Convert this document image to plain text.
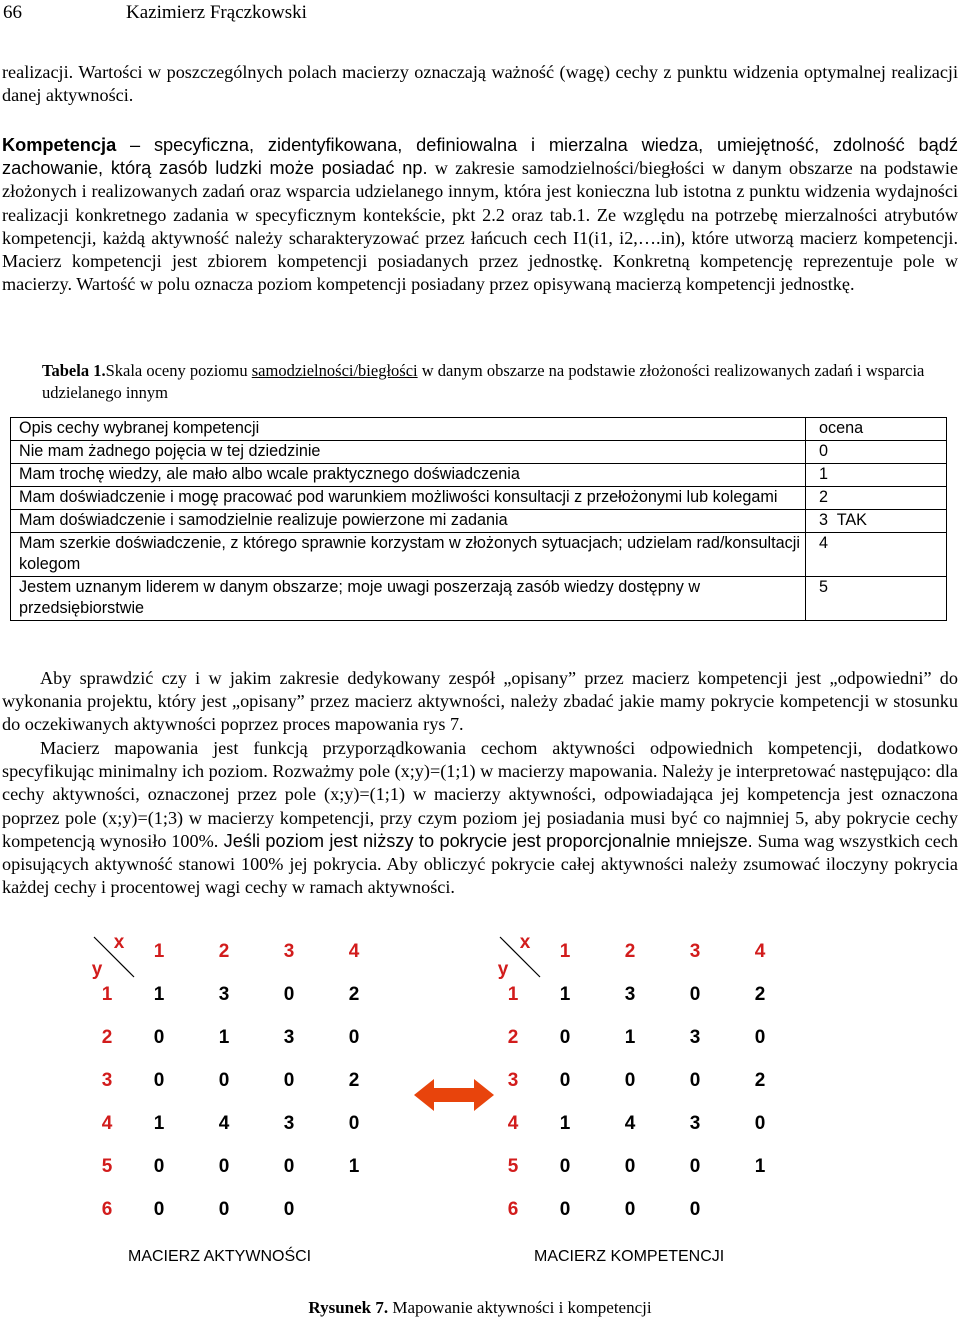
66	Kazimierz Frączkowski
realizacji. Wartości w poszczególnych polach macierzy oznaczają ważność (wagę) cechy z punktu widzenia optymalnej realizacji danej aktywności.
Kompetencja – specyficzna, zidentyfikowana, definiowalna i mierzalna wiedza, umiejętność, zdolność bądź zachowanie, którą zasób ludzki może posiadać np. w zakresie samodzielności/biegłości w danym obszarze na podstawie złożonych i realizowanych zadań oraz wsparcia udzielanego innym, która jest konieczna lub istotna z punktu widzenia wydajności realizacji konkretnego zadania w specyficznym kontekście, pkt 2.2 oraz tab.1. Ze względu na potrzebę mierzalności atrybutów kompetencji, każdą aktywność należy scharakteryzować przez łańcuch cech I1(i1, i2,….in), które utworzą macierz kompetencji. Macierz kompetencji jest zbiorem kompetencji posiadanych przez jednostkę. Konkretną kompetencję reprezentuje pole w macierzy. Wartość w polu oznacza poziom kompetencji posiadany przez opisywaną macierzą kompetencji jednostkę.
Tabela 1.Skala oceny poziomu samodzielności/biegłości w danym obszarze na podstawie złożoności realizowanych zadań i wsparcia udzielanego innym
Opis cechy wybranej kompetencji	ocena
Nie mam żadnego pojęcia w tej dziedzinie	0
Mam trochę wiedzy, ale mało albo wcale praktycznego doświadczenia	1
Mam doświadczenie i mogę pracować pod warunkiem możliwości konsultacji z przełożonymi lub kolegami	2
Mam doświadczenie i samodzielnie realizuje powierzone mi zadania	3  TAK
Mam szerkie doświadczenie, z którego sprawnie korzystam w złożonych sytuacjach; udzielam rad/konsultacji kolegom	4
Jestem uznanym liderem w danym obszarze; moje uwagi poszerzają zasób wiedzy dostępny w przedsiębiorstwie	5
Aby sprawdzić czy i w jakim zakresie dedykowany zespół „opisany” przez macierz kompetencji jest „odpowiedni” do wykonania projektu, który jest „opisany” przez macierz aktywności, należy zbadać jakie mamy pokrycie kompetencji w stosunku do oczekiwanych aktywności poprzez proces mapowania rys 7.
Macierz mapowania jest funkcją przyporządkowania cechom aktywności odpowiednich kompetencji, dodatkowo specyfikując minimalny ich poziom. Rozważmy pole (x;y)=(1;1) w macierzy mapowania. Należy je interpretować następująco: dla cechy aktywności, oznaczonej przez pole (x;y)=(1;1) w macierzy aktywności, odpowiadająca jej kompetencja jest oznaczona poprzez pole (x;y)=(1;3) w macierzy kompetencji, przy czym poziom jej posiadania musi być co najmniej 5, aby pokrycie cechy kompetencją wynosiło 100%. Jeśli poziom jest niższy to pokrycie jest proporcjonalnie mniejsze. Suma wag wszystkich cech opisujących aktywność stanowi 100% jej pokrycia. Aby obliczyć pokrycie całej aktywności należy zsumować iloczyny pokrycia każdej cechy i procentowej wagi cechy w ramach aktywności.
x
y
1	2	3	4
1	1	3	0	2
2	0	1	3	0
3	0	0	0	2
4	1	4	3	0
5	0	0	0	1
6	0	0	0
MACIERZ AKTYWNOŚCI
x
y
1	2	3	4
1	1	3	0	2
2	0	1	3	0
3	0	0	0	2
4	1	4	3	0
5	0	0	0	1
6	0	0	0
MACIERZ KOMPETENCJI
Rysunek 7. Mapowanie aktywności i kompetencji
